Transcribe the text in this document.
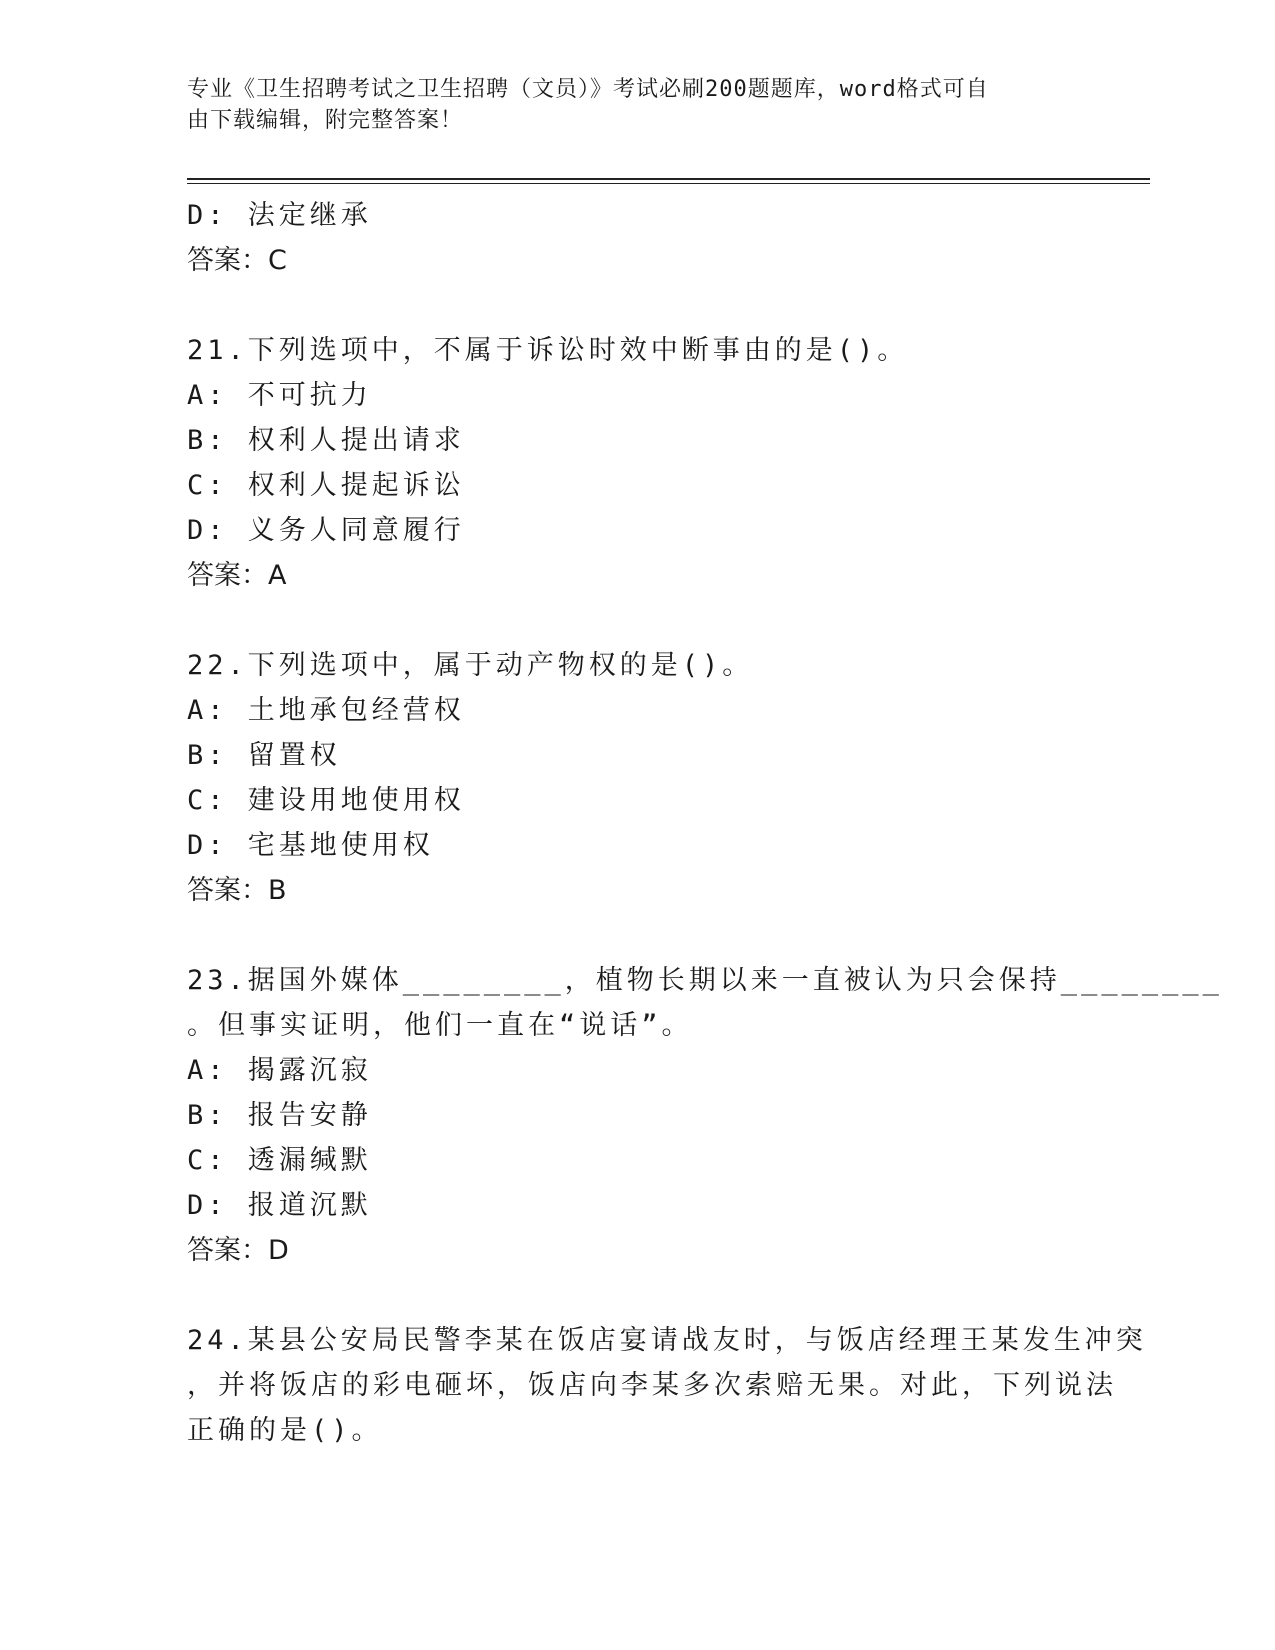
专业《卫生招聘考试之卫生招聘（文员）》考试必刷200题题库，word格式可自
由下载编辑，附完整答案！
D: 法定继承
答案：C
21.下列选项中，不属于诉讼时效中断事由的是()。
A: 不可抗力
B: 权利人提出请求
C: 权利人提起诉讼
D: 义务人同意履行
答案：A
22.下列选项中，属于动产物权的是()。
A: 土地承包经营权
B: 留置权
C: 建设用地使用权
D: 宅基地使用权
答案：B
23.据国外媒体________，植物长期以来一直被认为只会保持________
。但事实证明，他们一直在“说话”。
A: 揭露沉寂
B: 报告安静
C: 透漏缄默
D: 报道沉默
答案：D
24.某县公安局民警李某在饭店宴请战友时，与饭店经理王某发生冲突
，并将饭店的彩电砸坏，饭店向李某多次索赔无果。对此，下列说法
正确的是()。
